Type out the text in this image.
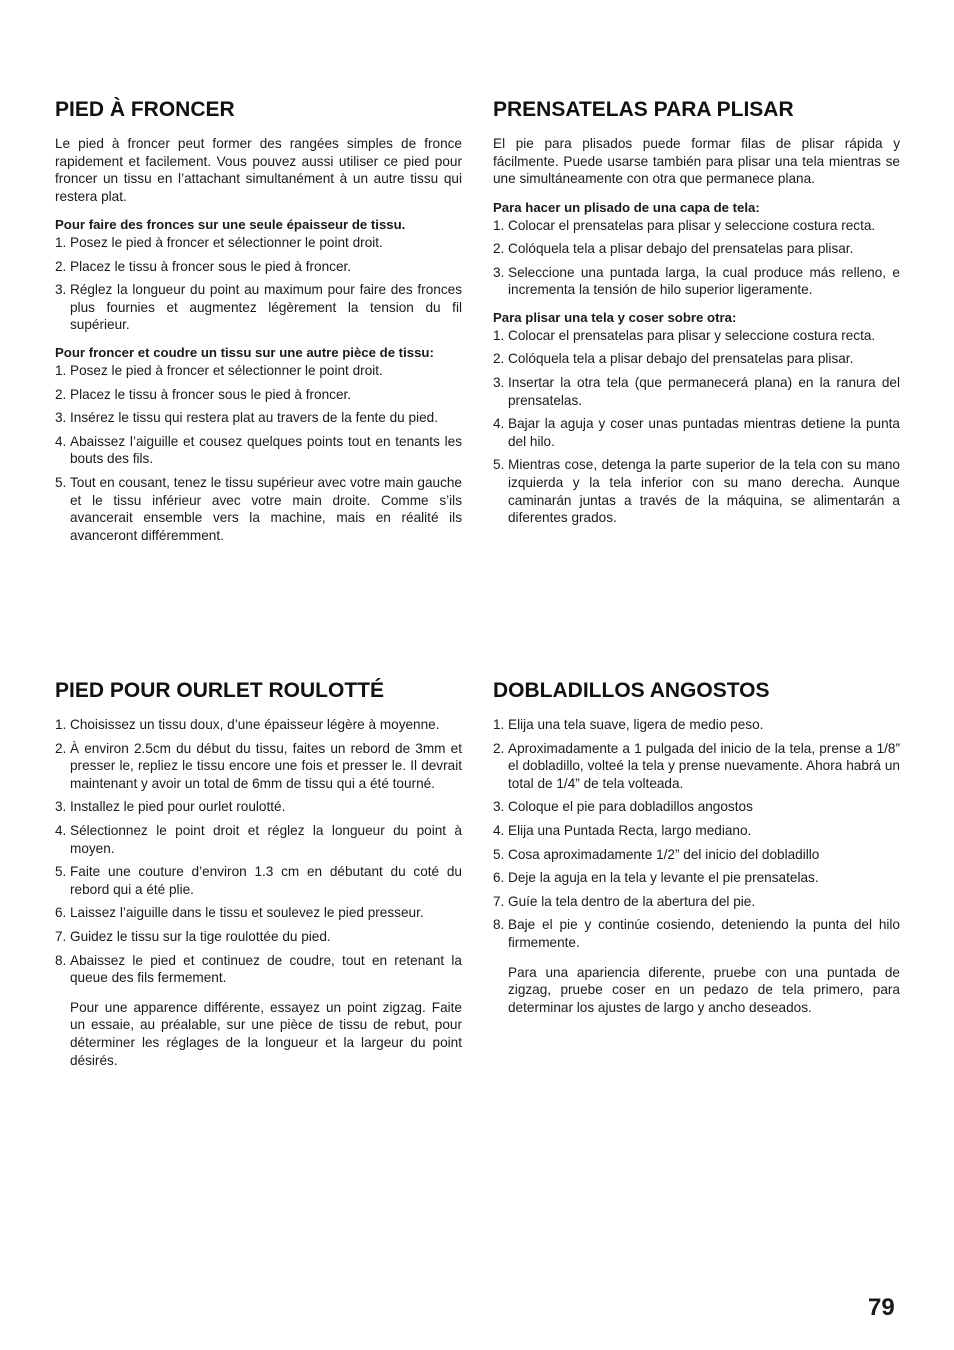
PIED À FRONCER

Le pied à froncer peut former des rangées simples de fronce rapidement et facilement. Vous pouvez aussi utiliser ce pied pour froncer un tissu en l’attachant simultanément à un autre tissu qui restera plat.

Pour faire des fronces sur une seule épaisseur de tissu.

1. Posez le pied à froncer et sélectionner le point droit.
2. Placez le tissu à froncer sous le pied à froncer.
3. Réglez la longueur du point au maximum pour faire des fronces plus fournies et augmentez légèrement la tension du fil supérieur.

Pour froncer et coudre un tissu sur une autre pièce de tissu:

1. Posez le pied à froncer et sélectionner le point droit.
2. Placez le tissu à froncer sous le pied à froncer.
3. Insérez le tissu qui restera plat au travers de la fente du pied.
4. Abaissez l’aiguille et cousez quelques points tout en tenants les bouts des fils.
5. Tout en cousant, tenez le tissu supérieur avec votre main gauche et le tissu inférieur avec votre main droite. Comme s’ils avancerait ensemble vers la machine, mais en réalité ils avanceront différemment.
PRENSATELAS PARA PLISAR

El pie para plisados puede formar filas de plisar rápida y fácilmente. Puede usarse también para plisar una tela mientras se une simultáneamente con otra que permanece plana.

Para hacer un plisado de una capa de tela:

1. Colocar el prensatelas para plisar y seleccione costura recta.
2. Colóquela tela a plisar debajo del prensatelas para plisar.
3. Seleccione una puntada larga, la cual produce más relleno, e incrementa la tensión de hilo superior ligeramente.

Para plisar una tela y coser sobre otra:

1. Colocar el prensatelas para plisar y seleccione costura recta.
2. Colóquela tela a plisar debajo del prensatelas para plisar.
3. Insertar la otra tela (que permanecerá plana) en la ranura del prensatelas.
4. Bajar la aguja y coser unas puntadas mientras detiene la punta del hilo.
5. Mientras cose, detenga la parte superior de la tela con su mano izquierda y la tela inferior con su mano derecha. Aunque caminarán juntas a través de la máquina, se alimentarán a diferentes grados.
PIED POUR OURLET ROULOTTÉ
1. Choisissez un tissu doux, d’une épaisseur légère à moyenne.
2. À environ 2.5cm du début du tissu, faites un rebord de 3mm et presser le, repliez le tissu encore une fois et presser le. Il devrait maintenant y avoir un total de 6mm de tissu qui a été tourné.
3. Installez le pied pour ourlet roulotté.
4. Sélectionnez le point droit et réglez la longueur du point à moyen.
5. Faite une couture d’environ 1.3 cm en débutant du coté du rebord qui a été plie.
6. Laissez l’aiguille dans le tissu et soulevez le pied presseur.
7. Guidez le tissu sur la tige roulottée du pied.
8. Abaissez le pied et continuez de coudre, tout en retenant la queue des fils fermement.

Pour une apparence différente, essayez un point zigzag. Faite un essaie, au préalable, sur une pièce de tissu de rebut, pour déterminer les réglages de la longueur et la largeur du point désirés.

DOBLADILLOS ANGOSTOS
1. Elija una tela suave, ligera de medio peso.
2. Aproximadamente a 1 pulgada del inicio de la tela, prense a 1/8” el dobladillo, volteé la tela y prense nuevamente. Ahora habrá un total de 1/4” de tela volteada.
3. Coloque el pie para dobladillos angostos
4. Elija una Puntada Recta, largo mediano.
5. Cosa aproximadamente 1/2” del inicio del dobladillo
6. Deje la aguja en la tela y levante el pie prensatelas.
7. Guíe la tela dentro de la abertura del pie.
8. Baje el pie y continúe cosiendo, deteniendo la punta del hilo firmemente.

Para una apariencia diferente, pruebe con una puntada de zigzag, pruebe coser en un pedazo de tela primero, para determinar los ajustes de largo y ancho deseados.

79
